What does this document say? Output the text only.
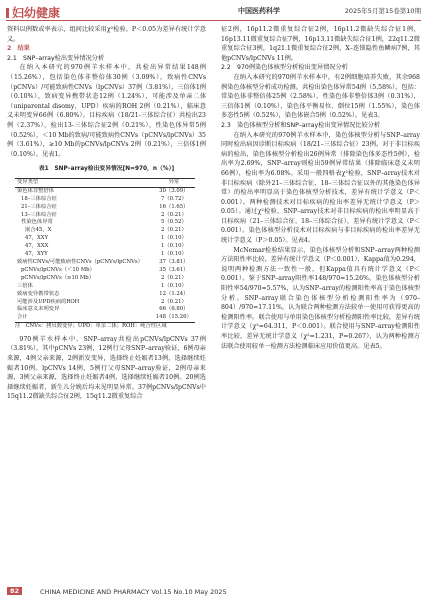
妇幼健康	中国医药科学	2025年5月第15卷第10期

资料以例数或率表示，组间比较采用χ²检验。P＜0.05为差异有统计学意义。

2　结果

2.1　SNP–array检出变异情况分析

在纳入本研究的970例羊水样本中，共检出异常结果148例（15.26%），包括染色体非整倍体30例（3.09%），致病性CNVs（pCNVs）/可能致病性CNVs（lpCNVs）37例（3.81%），三倍体1例（0.10%），致病变异携带状态12例（1.24%），可能涉及单亲二体（uniparental disomy，UPD）疾病的ROH 2例（0.21%），临床意义未明变异66例（6.80%）。目标疾病（18/21-三体综合征）共检出23例（2.37%），检出13-三体综合征2例（0.21%），性染色体异常5例（0.52%），＜10 Mb的致病/可能致病性CNVs（pCNVs/lpCNVs）35例（3.61%），≥10 Mb的pCNVs/lpCNVs 2例（0.21%），三倍体1例（0.10%）。见表1。

表1　SNP–array检出变异情况[N=970，n（%）]
变异类型	异常
染色体非整倍体	30（3.09）
18–三体综合征	7（0.72）
21–三体综合征	16（1.65）
13–三体综合征	2（0.21）
性染色体异常	5（0.52）
嵌合45，X	2（0.21）
47，XXY	1（0.10）
47，XXX	1（0.10）
47，XYY	1（0.10）
致病性CNVs/可能致病性CNVs（pCNVs/lpCNVs）	37（3.81）
pCNVs/lpCNVs（＜10 Mb）	35（3.61）
pCNVs/lpCNVs（≥10 Mb）	2（0.21）
三倍体	1（0.10）
致病变异携带状态	12（1.24）
可能涉及UPD疾病的ROH	2（0.21）
临床意义未明变异	66（6.80）
合计	148（15.26）
注　CNVs：拷贝数变异；UPD：单亲二体；ROH：纯合性区域

970例羊水样本中，SNP–array共检出pCNVs/lpCNVs 37例（3.81%），其中pCNVs 23例，12例行父母SNP–array验证，6例母亲来源，4例父亲来源，2例新发变异，选择终止妊娠者13例，选择继续妊娠者10例。lpCNVs 14例，5例行父母SNP–array验证，2例母亲来源，3例父亲来源，选择终止妊娠者4例，选择继续妊娠者10例。20例选择继续妊娠者，新生儿分娩后均未见明显异常。37例pCNVs/lpCNVs中15q11.2微缺失综合征2例，15q11.2微重复综合

征2例，16p11.2微重复综合征2例，16p11.2微缺失综合征1例，16p13.11微重复综合征7例，16p13.11微缺失综合征1例，22q11.2微重复综合征3例，1q21.1微重复综合征2例，X–连锁隐性鱼鳞病7例，其他pCNVs/lpCNVs 11例。

2.2　970例染色体核型分析检出变异情况分析

在纳入本研究的970例羊水样本中，有2例细胞培养失败，其余968例染色体核型分析成功检测。共检出染色体异常54例（5.58%），包括：常染色体非整倍体25例（2.58%），性染色体非整倍体3例（0.31%），三倍体1例（0.10%），染色体平衡易位、倒位15例（1.55%），染色体多态性5例（0.52%），染色体嵌合5例（0.52%）。见表3。

2.3　染色体核型分析和SNP–array检出变异情况比较分析

在纳入本研究的970例羊水样本中，染色体核型分析与SNP–array同时检出病因诊断目标疾病（18/21–三体综合征）23例。对于非目标疾病的检出，染色体核型分析检出26例异常（排除染色体多态性5例），检出率为2.69%，SNP–array则检出59例异常结果（排除临床意义未明66例），检出率为6.08%。采用一般四格表χ²检验，SNP–array技术对非目标疾病（除外21–三体综合征、18–三体综合征以外的其他染色体异常）的检出率明显高于染色体核型分析技术，差异有统计学意义（P＜0.001）。两种检测技术对目标疾病的检出率差异无统计学意义（P＞0.05）。通过χ²检验，SNP–array技术对非目标疾病的检出率明显高于目标疾病（21–三体综合征、18–三体综合征），差异有统计学意义（P＜0.001）。染色体核型分析技术对目标疾病与非目标疾病的检出率差异无统计学意义（P＞0.05）。见表4。

McNemar检验结果显示，染色体核型分析和SNP–array两种检测方法阳性率比较，差异有统计学意义（P＜0.001），Kappa值为0.294，说明两种检测方法一致性一般，但Kappa值具有统计学意义（P＜0.001）。鉴于SNP–array阳性率148/970=15.26%，染色体核型分析阳性率54/970=5.57%，认为SNP–array的检测阳性率高于染色体核型分析。SNP–array联合染色体核型分析检测阳性率为（970–804）/970=17.11%，认为联合两种检测方法较单一使用可获得更高的检测阳性率。联合使用与单用染色体核型分析检测阳性率比较，差异有统计学意义（χ²=64.311，P＜0.001）。联合使用与SNP–array检测阳性率比较，差异无统计学意义（χ²=1.231，P=0.267），认为两种检测方法联合使用较单一检测方法检测临床应用价值更高。见表5。

82	CHINA MEDICINE AND PHARMACY Vol.15 No.10 May 2025
